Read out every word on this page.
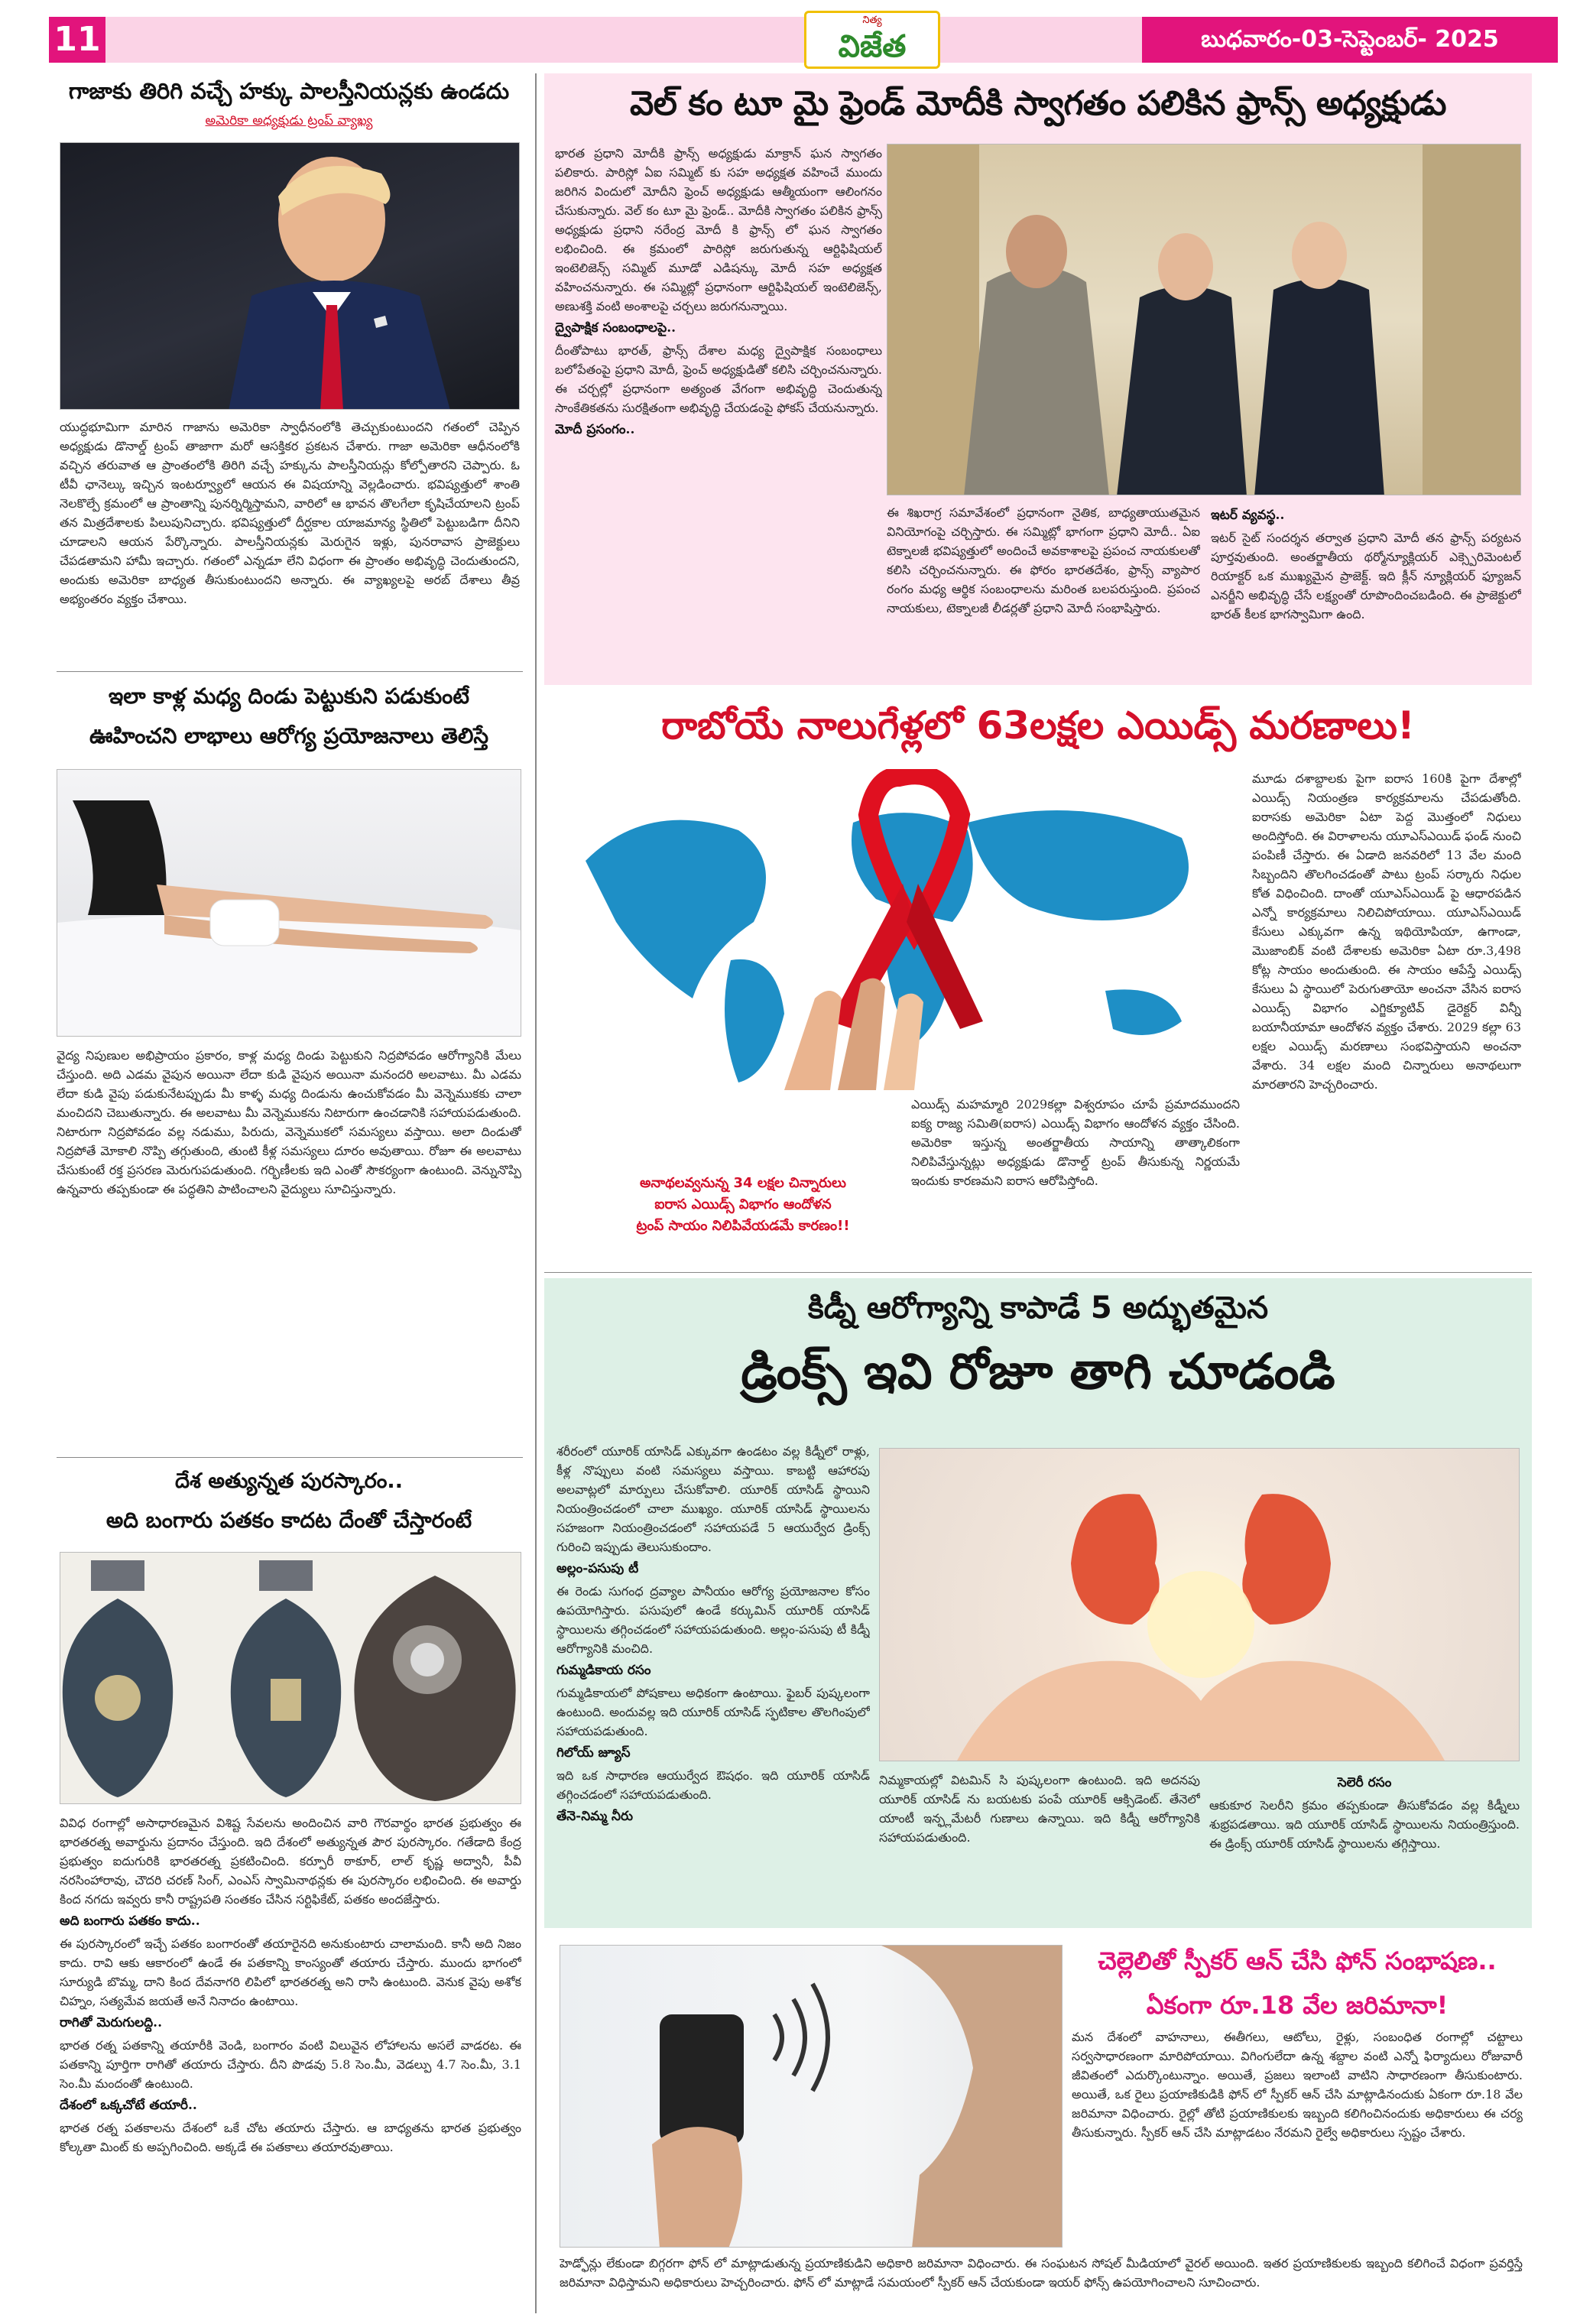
11	నిత్య
విజేత	బుధవారం-03-సెప్టెంబర్- 2025
గాజాకు తిరిగి వచ్చే హక్కు పాలస్తీనియన్లకు ఉండదు
అమెరికా అధ్యక్షుడు ట్రంప్ వ్యాఖ్య
యుద్ధభూమిగా మారిన గాజాను అమెరికా స్వాధీనంలోకి తెచ్చుకుంటుందని గతంలో చెప్పిన అధ్యక్షుడు డొనాల్డ్ ట్రంప్ తాజాగా మరో ఆసక్తికర ప్రకటన చేశారు. గాజా అమెరికా ఆధీనంలోకి వచ్చిన తరువాత ఆ ప్రాంతంలోకి తిరిగి వచ్చే హక్కును పాలస్తీనియన్లు కోల్పోతారని చెప్పారు. ఓ టీవీ ఛానెల్కు ఇచ్చిన ఇంటర్వ్యూలో ఆయన ఈ విషయాన్ని వెల్లడించారు. భవిష్యత్తులో శాంతి నెలకొల్పే క్రమంలో ఆ ప్రాంతాన్ని పునర్నిర్మిస్తామని, వారిలో ఆ భావన తొలగేలా కృషిచేయాలని ట్రంప్ తన మిత్రదేశాలకు పిలుపునిచ్చారు. భవిష్యత్తులో దీర్ఘకాల యాజమాన్య స్థితిలో పెట్టుబడిగా దీనిని చూడాలని ఆయన పేర్కొన్నారు. పాలస్తీనియన్లకు మెరుగైన ఇళ్లు, పునరావాస ప్రాజెక్టులు చేపడతామని హామీ ఇచ్చారు. గతంలో ఎన్నడూ లేని విధంగా ఈ ప్రాంతం అభివృద్ధి చెందుతుందని, అందుకు అమెరికా బాధ్యత తీసుకుంటుందని అన్నారు. ఈ వ్యాఖ్యలపై అరబ్ దేశాలు తీవ్ర అభ్యంతరం వ్యక్తం చేశాయి.
ఇలా కాళ్ల మధ్య దిండు పెట్టుకుని పడుకుంటే
ఊహించని లాభాలు ఆరోగ్య ప్రయోజనాలు తెలిస్తే
వైద్య నిపుణుల అభిప్రాయం ప్రకారం, కాళ్ల మధ్య దిండు పెట్టుకుని నిద్రపోవడం ఆరోగ్యానికి మేలు చేస్తుంది. అది ఎడమ వైపున అయినా లేదా కుడి వైపున అయినా మనందరి అలవాటు. మీ ఎడమ లేదా కుడి వైపు పడుకునేటప్పుడు మీ కాళ్ళ మధ్య దిండును ఉంచుకోవడం మీ వెన్నెముకకు చాలా మంచిదని చెబుతున్నారు. ఈ అలవాటు మీ వెన్నెముకను నిటారుగా ఉంచడానికి సహాయపడుతుంది. నిటారుగా నిద్రపోవడం వల్ల నడుము, పిరుదు, వెన్నెముకలో సమస్యలు వస్తాయి. అలా దిండుతో నిద్రపోతే మోకాలి నొప్పి తగ్గుతుంది, తుంటి కీళ్ల సమస్యలు దూరం అవుతాయి. రోజూ ఈ అలవాటు చేసుకుంటే రక్త ప్రసరణ మెరుగుపడుతుంది. గర్భిణీలకు ఇది ఎంతో సౌకర్యంగా ఉంటుంది. వెన్నునొప్పి ఉన్నవారు తప్పకుండా ఈ పద్ధతిని పాటించాలని వైద్యులు సూచిస్తున్నారు.
దేశ అత్యున్నత పురస్కారం..
అది బంగారు పతకం కాదట దేంతో చేస్తారంటే

వివిధ రంగాల్లో అసాధారణమైన విశిష్ట సేవలను అందించిన వారి గౌరవార్థం భారత ప్రభుత్వం ఈ భారతరత్న అవార్డును ప్రదానం చేస్తుంది. ఇది దేశంలో అత్యున్నత పౌర పురస్కారం. గతేడాది కేంద్ర ప్రభుత్వం ఐదుగురికి భారతరత్న ప్రకటించింది. కర్పూరీ ఠాకూర్, లాల్ కృష్ణ అద్వానీ, పీవీ నరసింహారావు, చౌదరి చరణ్ సింగ్, ఎంఎస్ స్వామినాథన్లకు ఈ పురస్కారం లభించింది. ఈ అవార్డు కింద నగదు ఇవ్వరు కానీ రాష్ట్రపతి సంతకం చేసిన సర్టిఫికేట్, పతకం అందజేస్తారు.

అది బంగారు పతకం కాదు..

ఈ పురస్కారంలో ఇచ్చే పతకం బంగారంతో తయారైనది అనుకుంటారు చాలామంది. కానీ అది నిజం కాదు. రావి ఆకు ఆకారంలో ఉండే ఈ పతకాన్ని కాంస్యంతో తయారు చేస్తారు. ముందు భాగంలో సూర్యుడి బొమ్మ, దాని కింద దేవనాగరి లిపిలో భారతరత్న అని రాసి ఉంటుంది. వెనుక వైపు అశోక చిహ్నం, సత్యమేవ జయతే అనే నినాదం ఉంటాయి.

రాగితో మెరుగులద్ది..

భారత రత్న పతకాన్ని తయారీకి వెండి, బంగారం వంటి విలువైన లోహాలను అసలే వాడరట. ఈ పతకాన్ని పూర్తిగా రాగితో తయారు చేస్తారు. దీని పొడవు 5.8 సెం.మీ, వెడల్పు 4.7 సెం.మీ, 3.1 సెం.మీ మందంతో ఉంటుంది.

దేశంలో ఒక్కచోటే తయారీ..

భారత రత్న పతకాలను దేశంలో ఒకే చోట తయారు చేస్తారు. ఆ బాధ్యతను భారత ప్రభుత్వం కోల్కతా మింట్ కు అప్పగించింది. అక్కడే ఈ పతకాలు తయారవుతాయి.

వెల్ కం టూ మై ఫ్రెండ్ మోదీకి స్వాగతం పలికిన ఫ్రాన్స్ అధ్యక్షుడు

భారత ప్రధాని మోదీకి ఫ్రాన్స్ అధ్యక్షుడు మాక్రాన్ ఘన స్వాగతం పలికారు. పారిస్లో ఏఐ సమ్మిట్ కు సహ అధ్యక్షత వహించే ముందు జరిగిన విందులో మోదీని ఫ్రెంచ్ అధ్యక్షుడు ఆత్మీయంగా ఆలింగనం చేసుకున్నారు. వెల్ కం టూ మై ఫ్రెండ్.. మోదీకి స్వాగతం పలికిన ఫ్రాన్స్ అధ్యక్షుడు ప్రధాని నరేంద్ర మోదీ కి ఫ్రాన్స్ లో ఘన స్వాగతం లభించింది. ఈ క్రమంలో పారిస్లో జరుగుతున్న ఆర్టిఫిషియల్ ఇంటెలిజెన్స్ సమ్మిట్ మూడో ఎడిషన్కు మోదీ సహ అధ్యక్షత వహించనున్నారు. ఈ సమ్మిట్లో ప్రధానంగా ఆర్టిఫిషియల్ ఇంటెలిజెన్స్, అణుశక్తి వంటి అంశాలపై చర్చలు జరుగనున్నాయి.

ద్వైపాక్షిక సంబంధాలపై..

దీంతోపాటు భారత్, ఫ్రాన్స్ దేశాల మధ్య ద్వైపాక్షిక సంబంధాలు బలోపేతంపై ప్రధాని మోదీ, ఫ్రెంచ్ అధ్యక్షుడితో కలిసి చర్చించనున్నారు. ఈ చర్చల్లో ప్రధానంగా అత్యంత వేగంగా అభివృద్ధి చెందుతున్న సాంకేతికతను సురక్షితంగా అభివృద్ధి చేయడంపై ఫోకస్ చేయనున్నారు.

మోదీ ప్రసంగం..

ఈ శిఖరాగ్ర సమావేశంలో ప్రధానంగా నైతిక, బాధ్యతాయుతమైన వినియోగంపై చర్చిస్తారు. ఈ సమ్మిట్లో భాగంగా ప్రధాని మోదీ.. ఏఐ టెక్నాలజీ భవిష్యత్తులో అందించే అవకాశాలపై ప్రపంచ నాయకులతో కలిసి చర్చించనున్నారు. ఈ ఫోరం భారతదేశం, ఫ్రాన్స్ వ్యాపార రంగం మధ్య ఆర్థిక సంబంధాలను మరింత బలపరుస్తుంది. ప్రపంచ నాయకులు, టెక్నాలజీ లీడర్లతో ప్రధాని మోదీ సంభాషిస్తారు.

ఇటర్ వ్యవస్థ..

ఇటర్ సైట్ సందర్శన తర్వాత ప్రధాని మోదీ తన ఫ్రాన్స్ పర్యటన పూర్తవుతుంది. అంతర్జాతీయ థర్మోన్యూక్లియర్ ఎక్స్పెరిమెంటల్ రియాక్టర్ ఒక ముఖ్యమైన ప్రాజెక్ట్. ఇది క్లీన్ న్యూక్లియర్ ఫ్యూజన్ ఎనర్జీని అభివృద్ధి చేసే లక్ష్యంతో రూపొందించబడింది. ఈ ప్రాజెక్టులో భారత్ కీలక భాగస్వామిగా ఉంది.

రాబోయే నాలుగేళ్లలో 63లక్షల ఎయిడ్స్ మరణాలు!
అనాథలవ్వనున్న 34 లక్షల చిన్నారులు
ఐరాస ఎయిడ్స్ విభాగం ఆందోళన
ట్రంప్ సాయం నిలిపివేయడమే కారణం!!
ఎయిడ్స్ మహమ్మారి 2029కల్లా విశ్వరూపం చూపే ప్రమాదముందని ఐక్య రాజ్య సమితి(ఐరాస) ఎయిడ్స్ విభాగం ఆందోళన వ్యక్తం చేసింది. అమెరికా ఇస్తున్న అంతర్జాతీయ సాయాన్ని తాత్కాలికంగా నిలిపివేస్తున్నట్లు అధ్యక్షుడు డొనాల్డ్ ట్రంప్ తీసుకున్న నిర్ణయమే ఇందుకు కారణమని ఐరాస ఆరోపిస్తోంది.
మూడు దశాబ్దాలకు పైగా ఐరాస 160కి పైగా దేశాల్లో ఎయిడ్స్ నియంత్రణ కార్యక్రమాలను చేపడుతోంది. ఐరాసకు అమెరికా ఏటా పెద్ద మొత్తంలో నిధులు అందిస్తోంది. ఈ విరాళాలను యూఎస్ఎయిడ్ ఫండ్ నుంచి పంపిణీ చేస్తారు. ఈ ఏడాది జనవరిలో 13 వేల మంది సిబ్బందిని తొలగించడంతో పాటు ట్రంప్ సర్కారు నిధుల కోత విధించింది. దాంతో యూఎస్ఎయిడ్ పై ఆధారపడిన ఎన్నో కార్యక్రమాలు నిలిచిపోయాయి. యూఎస్ఎయిడ్ కేసులు ఎక్కువగా ఉన్న ఇథియోపియా, ఉగాండా, మొజాంబిక్ వంటి దేశాలకు అమెరికా ఏటా రూ.3,498 కోట్ల సాయం అందుతుంది. ఈ సాయం ఆపేస్తే ఎయిడ్స్ కేసులు ఏ స్థాయిలో పెరుగుతాయో అంచనా వేసిన ఐరాస ఎయిడ్స్ విభాగం ఎగ్జిక్యూటివ్ డైరెక్టర్ విన్నీ బయానీయామా ఆందోళన వ్యక్తం చేశారు. 2029 కల్లా 63 లక్షల ఎయిడ్స్ మరణాలు సంభవిస్తాయని అంచనా వేశారు. 34 లక్షల మంది చిన్నారులు అనాథలుగా మారతారని హెచ్చరించారు.
కిడ్నీ ఆరోగ్యాన్ని కాపాడే 5 అద్భుతమైన
డ్రింక్స్ ఇవి రోజూ తాగి చూడండి

శరీరంలో యూరిక్ యాసిడ్ ఎక్కువగా ఉండటం వల్ల కిడ్నీలో రాళ్లు, కీళ్ల నొప్పులు వంటి సమస్యలు వస్తాయి. కాబట్టి ఆహారపు అలవాట్లలో మార్పులు చేసుకోవాలి. యూరిక్ యాసిడ్ స్థాయిని నియంత్రించడంలో చాలా ముఖ్యం. యూరిక్ యాసిడ్ స్థాయిలను సహజంగా నియంత్రించడంలో సహాయపడే 5 ఆయుర్వేద డ్రింక్స్ గురించి ఇప్పుడు తెలుసుకుందాం.

అల్లం-పసుపు టీ

ఈ రెండు సుగంధ ద్రవ్యాల పానీయం ఆరోగ్య ప్రయోజనాల కోసం ఉపయోగిస్తారు. పసుపులో ఉండే కర్కుమిన్ యూరిక్ యాసిడ్ స్థాయిలను తగ్గించడంలో సహాయపడుతుంది. అల్లం-పసుపు టీ కిడ్నీ ఆరోగ్యానికి మంచిది.

గుమ్మడికాయ రసం

గుమ్మడికాయలో పోషకాలు అధికంగా ఉంటాయి. ఫైబర్ పుష్కలంగా ఉంటుంది. అందువల్ల ఇది యూరిక్ యాసిడ్ స్ఫటికాల తొలగింపులో సహాయపడుతుంది.

గిలోయ్ జ్యూస్

ఇది ఒక సాధారణ ఆయుర్వేద ఔషధం. ఇది యూరిక్ యాసిడ్ తగ్గించడంలో సహాయపడుతుంది.

తేనె-నిమ్మ నీరు

నిమ్మకాయల్లో విటమిన్ సి పుష్కలంగా ఉంటుంది. ఇది అదనపు యూరిక్ యాసిడ్ ను బయటకు పంపే యూరిక్ ఆక్సిడెంట్. తేనెలో యాంటీ ఇన్ఫ్లమేటరీ గుణాలు ఉన్నాయి. ఇది కిడ్నీ ఆరోగ్యానికి సహాయపడుతుంది.

సెలెరీ రసం

ఆకుకూర సెలరీని క్రమం తప్పకుండా తీసుకోవడం వల్ల కిడ్నీలు శుభ్రపడతాయి. ఇది యూరిక్ యాసిడ్ స్థాయిలను నియంత్రిస్తుంది. ఈ డ్రింక్స్ యూరిక్ యాసిడ్ స్థాయిలను తగ్గిస్తాయి.

చెల్లెలితో స్పీకర్ ఆన్ చేసి ఫోన్ సంభాషణ..
ఏకంగా రూ.18 వేల జరిమానా!
మన దేశంలో వాహనాలు, ఈతీగలు, ఆటోలు, రైళ్లు, సంబంధిత రంగాల్లో చట్టాలు సర్వసాధారణంగా మారిపోయాయి. విగింగులేదా ఉన్న శబ్దాల వంటి ఎన్నో ఫిర్యాదులు రోజువారీ జీవితంలో ఎదుర్కొంటున్నాం. అయితే, ప్రజలు ఇలాంటి వాటిని సాధారణంగా తీసుకుంటారు. అయితే, ఒక రైలు ప్రయాణికుడికి ఫోన్ లో స్పీకర్ ఆన్ చేసి మాట్లాడినందుకు ఏకంగా రూ.18 వేల జరిమానా విధించారు. రైల్లో తోటి ప్రయాణికులకు ఇబ్బంది కలిగించినందుకు అధికారులు ఈ చర్య తీసుకున్నారు. స్పీకర్ ఆన్ చేసి మాట్లాడటం నేరమని రైల్వే అధికారులు స్పష్టం చేశారు.
హెడ్ఫోన్లు లేకుండా బిగ్గరగా ఫోన్ లో మాట్లాడుతున్న ప్రయాణికుడిని అధికారి జరిమానా విధించారు. ఈ సంఘటన సోషల్ మీడియాలో వైరల్ అయింది. ఇతర ప్రయాణికులకు ఇబ్బంది కలిగించే విధంగా ప్రవర్తిస్తే జరిమానా విధిస్తామని అధికారులు హెచ్చరించారు. ఫోన్ లో మాట్లాడే సమయంలో స్పీకర్ ఆన్ చేయకుండా ఇయర్ ఫోన్స్ ఉపయోగించాలని సూచించారు.
